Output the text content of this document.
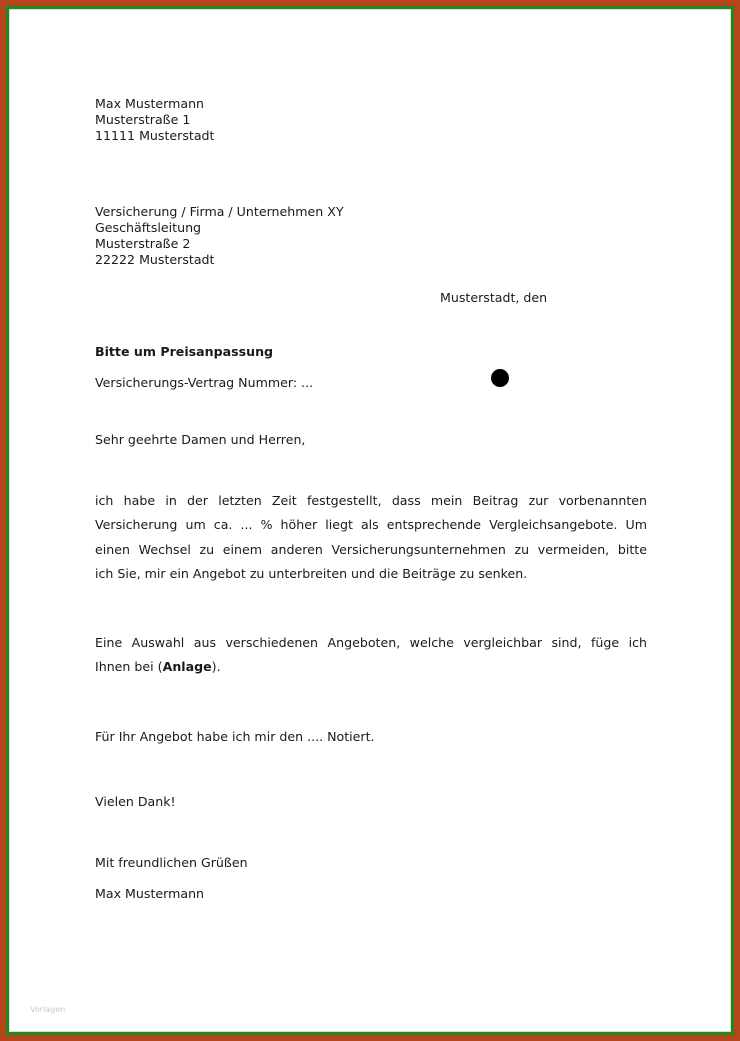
Max Mustermann
Musterstraße 1
11111 Musterstadt
Versicherung / Firma / Unternehmen XY
Geschäftsleitung
Musterstraße 2
22222 Musterstadt
Musterstadt, den
Bitte um Preisanpassung
Versicherungs-Vertrag Nummer: ...
Sehr geehrte Damen und Herren,
ich habe in der letzten Zeit festgestellt, dass mein Beitrag zur vorbenannten
Versicherung um ca. ... % höher liegt als entsprechende Vergleichsangebote. Um
einen Wechsel zu einem anderen Versicherungsunternehmen zu vermeiden, bitte
ich Sie, mir ein Angebot zu unterbreiten und die Beiträge zu senken.
Eine Auswahl aus verschiedenen Angeboten, welche vergleichbar sind, füge ich
Ihnen bei (Anlage).
Für Ihr Angebot habe ich mir den .... Notiert.
Vielen Dank!
Mit freundlichen Grüßen
Max Mustermann
Vorlagen
